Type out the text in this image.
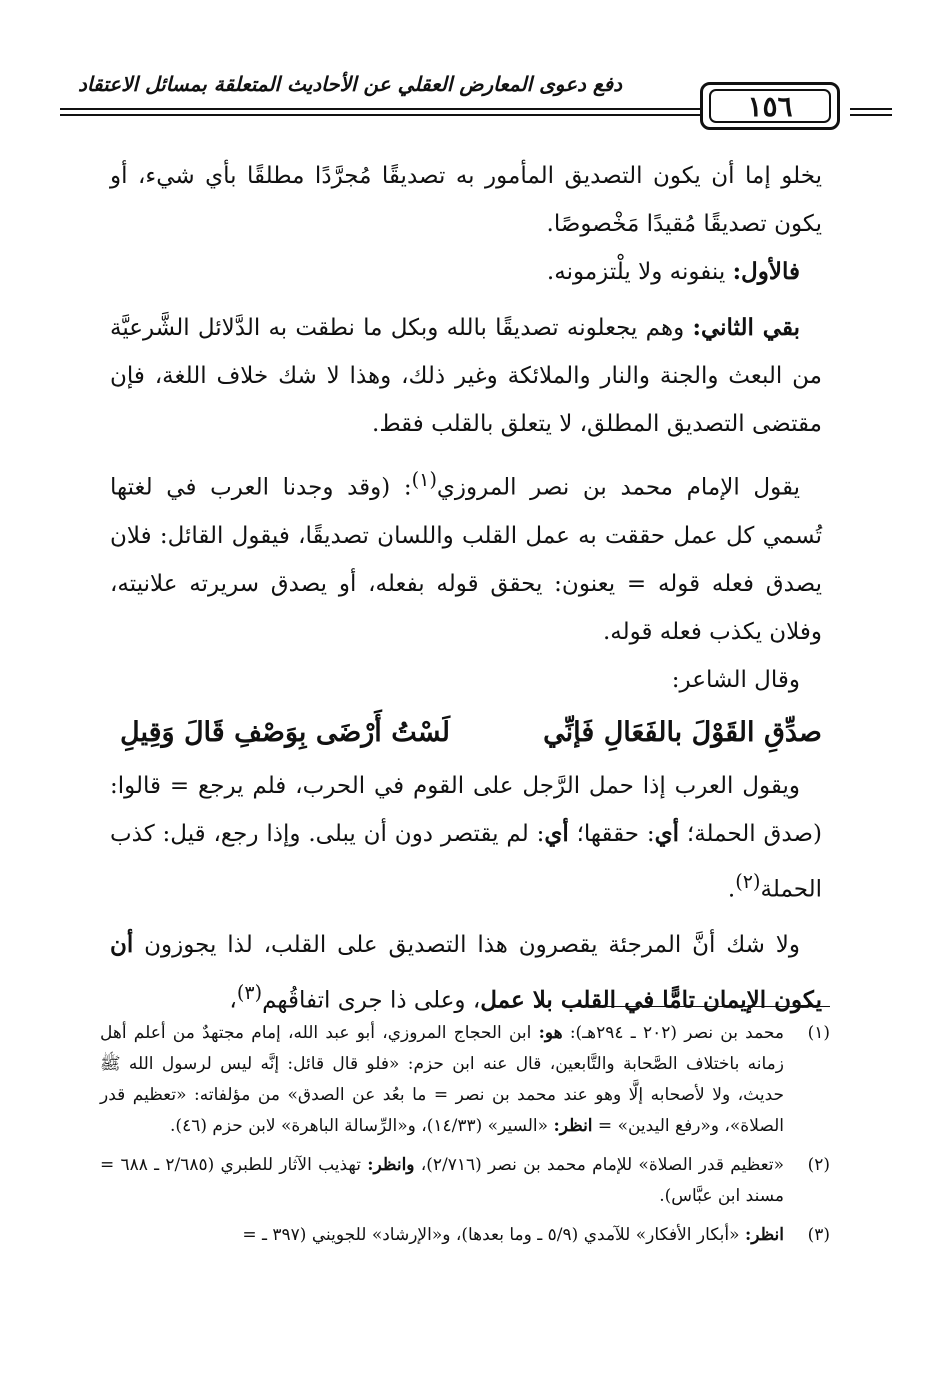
دفع دعوى المعارض العقلي عن الأحاديث المتعلقة بمسائل الاعتقاد
١٥٦

يخلو إما أن يكون التصديق المأمور به تصديقًا مُجرَّدًا مطلقًا بأي شيء، أو يكون تصديقًا مُقيدًا مَخْصوصًا.

فالأول: ينفونه ولا يلْتزمونه.

بقي الثاني: وهم يجعلونه تصديقًا بالله وبكل ما نطقت به الدَّلائل الشَّرعيَّة من البعث والجنة والنار والملائكة وغير ذلك، وهذا لا شك خلاف اللغة، فإن مقتضى التصديق المطلق، لا يتعلق بالقلب فقط.

يقول الإمام محمد بن نصر المروزي$^{(١)}$: (وقد وجدنا العرب في لغتها تُسمي كل عمل حققت به عمل القلب واللسان تصديقًا، فيقول القائل: فلان يصدق فعله قوله = يعنون: يحقق قوله بفعله، أو يصدق سريرته علانيته، وفلان يكذب فعله قوله.

وقال الشاعر:

صدِّقِ القَوْلَ بالفَعَالِ فَإنِّي
لَسْتُ أَرْضَى بِوَصْفِ قَالَ وَقِيلِ

ويقول العرب إذا حمل الرَّجل على القوم في الحرب، فلم يرجع = قالوا: (صدق الحملة؛ أي: حققها؛ أي: لم يقتصر دون أن يبلى. وإذا رجع، قيل: كذب الحملة$^{(٢)}$.

ولا شك أنَّ المرجئة يقصرون هذا التصديق على القلب، لذا يجوزون أن يكون الإيمان تامًّا في القلب بلا عمل، وعلى ذا جرى اتفاقُهم$^{(٣)}$،

(١)
محمد بن نصر (٢٠٢ ـ ٢٩٤هـ): هو: ابن الحجاج المروزي، أبو عبد الله، إمام مجتهدٌ من أعلم أهل زمانه باختلاف الصَّحابة والتَّابعين، قال عنه ابن حزم: «فلو قال قائل: إنَّه ليس لرسول الله ﷺ حديث، ولا لأصحابه إلَّا وهو عند محمد بن نصر = ما بعُد عن الصدق» من مؤلفاته: «تعظيم قدر الصلاة»، و«رفع اليدين» = انظر: «السير» (١٤/٣٣)، و«الرِّسالة الباهرة» لابن حزم (٤٦).
(٢)
«تعظيم قدر الصلاة» للإمام محمد بن نصر (٢/٧١٦)، وانظر: تهذيب الآثار للطبري (٢/٦٨٥ ـ ٦٨٨ = مسند ابن عبَّاس).
(٣)
انظر: «أبكار الأفكار» للآمدي (٥/٩ ـ وما بعدها)، و«الإرشاد» للجويني (٣٩٧ ـ =
